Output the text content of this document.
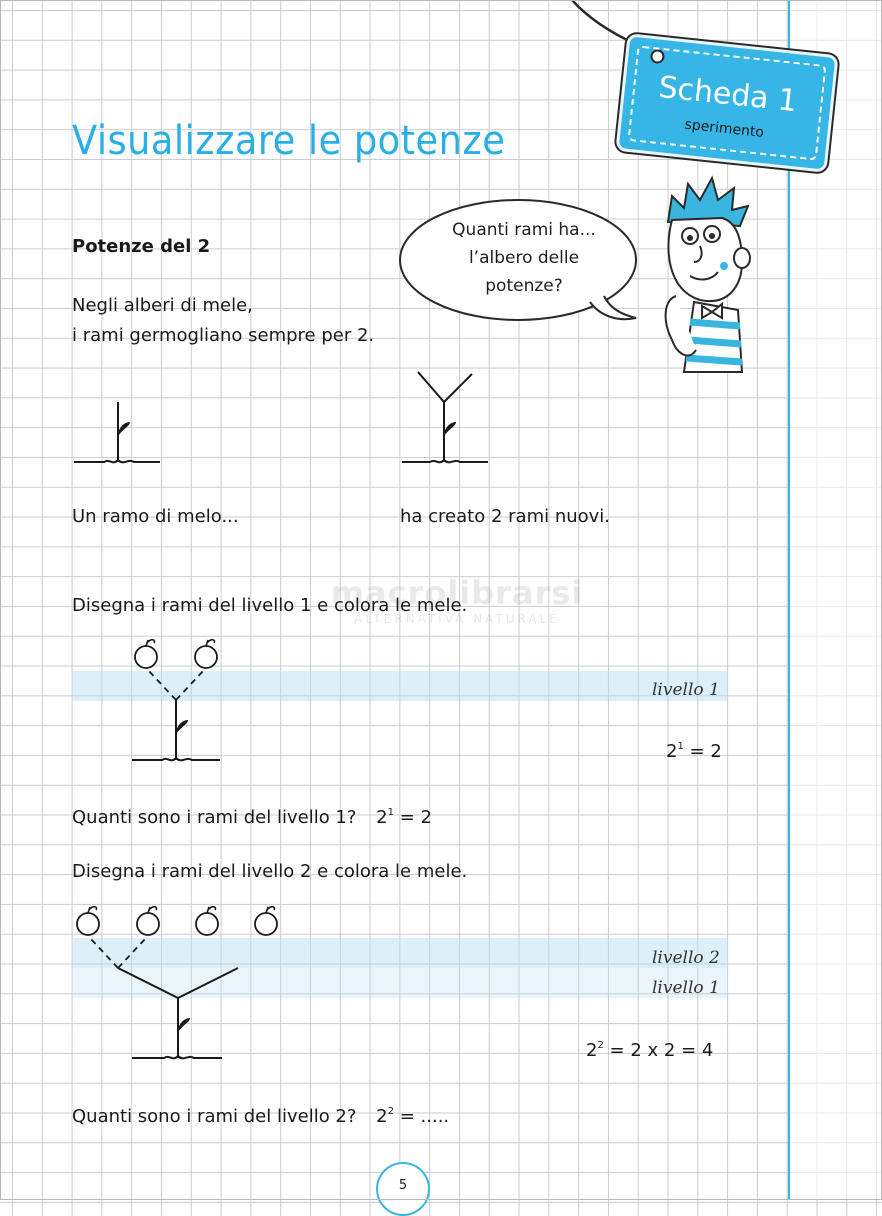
Scheda 1
sperimento
Visualizzare le potenze
Potenze del 2
Quanti rami ha...
l’albero delle
potenze?
Negli alberi di mele,
i rami germogliano sempre per 2.
Un ramo di melo...	ha creato 2 rami nuovi.
macrolibrarsi
ALTERNATIVA NATURALE
Disegna i rami del livello 1 e colora le mele.
livello 1
$2^1 = 2$
Quanti sono i rami del livello 1? $2^1 = 2$
Disegna i rami del livello 2 e colora le mele.
livello 2
livello 1
$2^2 = 2$ x 2 = 4
Quanti sono i rami del livello 2? $2^2$ = .....
5
